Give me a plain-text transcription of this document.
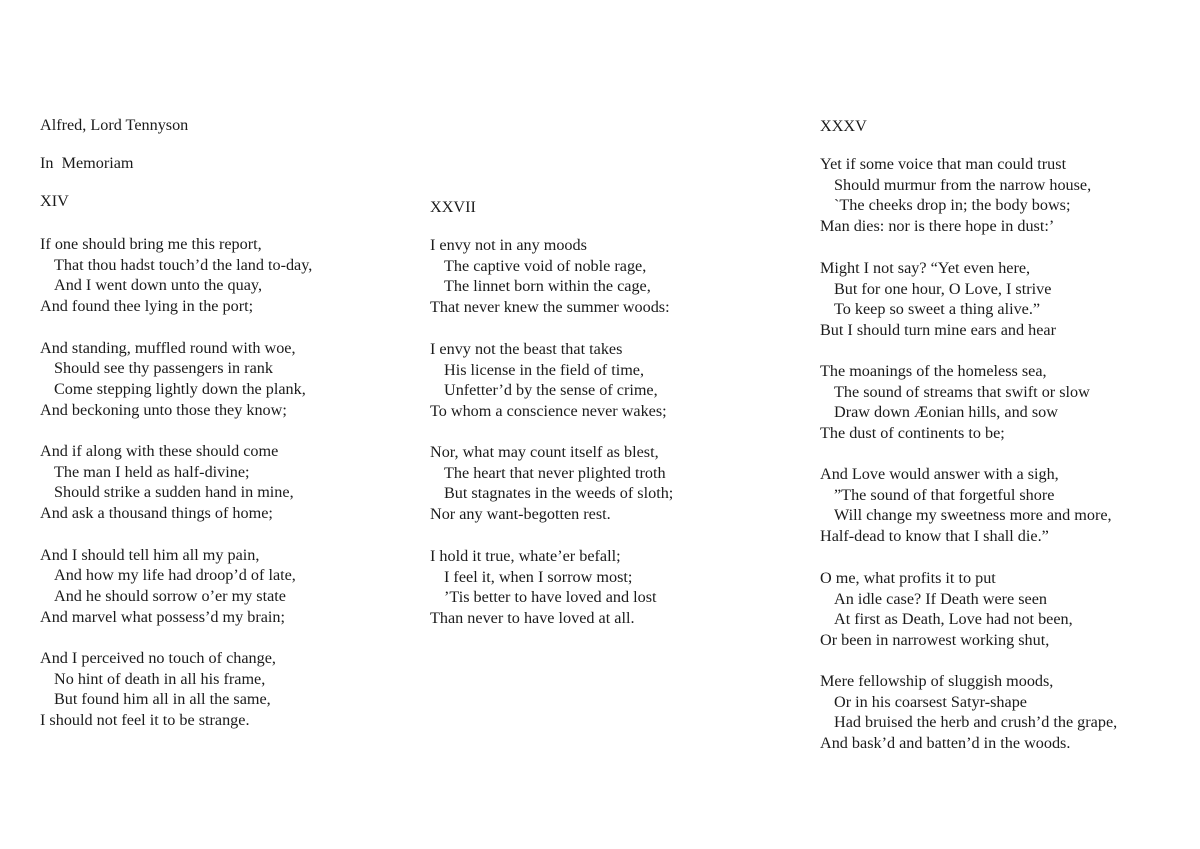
Alfred, Lord Tennyson
In  Memoriam
XIV
If one should bring me this report,
That thou hadst touch’d the land to-day,
And I went down unto the quay,
And found thee lying in the port;
And standing, muffled round with woe,
Should see thy passengers in rank
Come stepping lightly down the plank,
And beckoning unto those they know;
And if along with these should come
The man I held as half-divine;
Should strike a sudden hand in mine,
And ask a thousand things of home;
And I should tell him all my pain,
And how my life had droop’d of late,
And he should sorrow o’er my state
And marvel what possess’d my brain;
And I perceived no touch of change,
No hint of death in all his frame,
But found him all in all the same,
I should not feel it to be strange.
XXVII
I envy not in any moods
The captive void of noble rage,
The linnet born within the cage,
That never knew the summer woods:
I envy not the beast that takes
His license in the field of time,
Unfetter’d by the sense of crime,
To whom a conscience never wakes;
Nor, what may count itself as blest,
The heart that never plighted troth
But stagnates in the weeds of sloth;
Nor any want-begotten rest.
I hold it true, whate’er befall;
I feel it, when I sorrow most;
’Tis better to have loved and lost
Than never to have loved at all.
XXXV
Yet if some voice that man could trust
Should murmur from the narrow house,
`The cheeks drop in; the body bows;
Man dies: nor is there hope in dust:’
Might I not say? “Yet even here,
But for one hour, O Love, I strive
To keep so sweet a thing alive.”
But I should turn mine ears and hear
The moanings of the homeless sea,
The sound of streams that swift or slow
Draw down Æonian hills, and sow
The dust of continents to be;
And Love would answer with a sigh,
”The sound of that forgetful shore
Will change my sweetness more and more,
Half-dead to know that I shall die.”
O me, what profits it to put
An idle case? If Death were seen
At first as Death, Love had not been,
Or been in narrowest working shut,
Mere fellowship of sluggish moods,
Or in his coarsest Satyr-shape
Had bruised the herb and crush’d the grape,
And bask’d and batten’d in the woods.
